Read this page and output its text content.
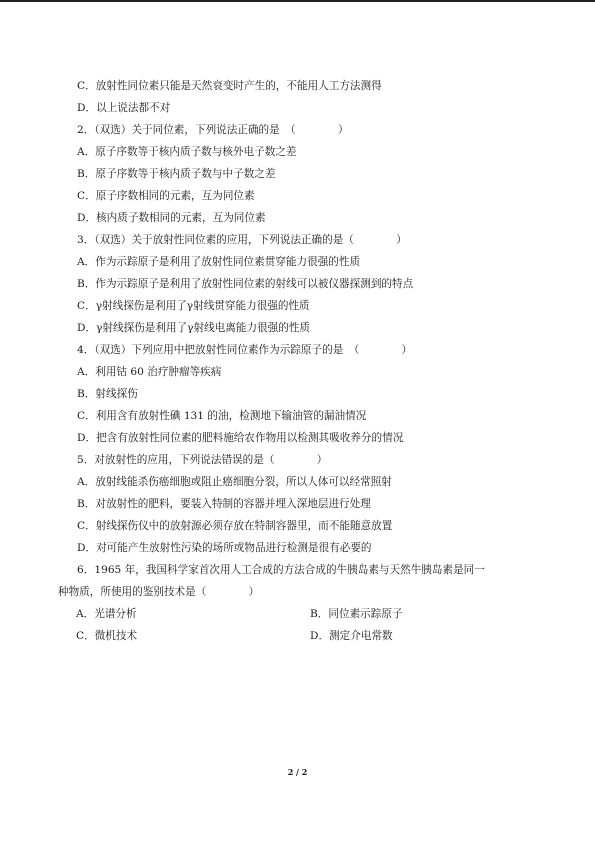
C．放射性同位素只能是天然衰变时产生的，不能用人工方法测得
D．以上说法都不对
2．（双选）关于同位素，下列说法正确的是　（　　　　）
A．原子序数等于核内质子数与核外电子数之差
B．原子序数等于核内质子数与中子数之差
C．原子序数相同的元素，互为同位素
D．核内质子数相同的元素，互为同位素
3．（双选）关于放射性同位素的应用，下列说法正确的是（　　　　）
A．作为示踪原子是利用了放射性同位素贯穿能力很强的性质
B．作为示踪原子是利用了放射性同位素的射线可以被仪器探测到的特点
C．γ射线探伤是利用了γ射线贯穿能力很强的性质
D．γ射线探伤是利用了γ射线电离能力很强的性质
4．（双选）下列应用中把放射性同位素作为示踪原子的是　（　　　　）
A．利用钴 60 治疗肿瘤等疾病
B．射线探伤
C．利用含有放射性碘 131 的油，检测地下输油管的漏油情况
D．把含有放射性同位素的肥料施给农作物用以检测其吸收养分的情况
5．对放射性的应用，下列说法错误的是（　　　　）
A．放射线能杀伤癌细胞或阻止癌细胞分裂，所以人体可以经常照射
B．对放射性的肥料，要装入特制的容器并埋入深地层进行处理
C．射线探伤仪中的放射源必须存放在特制容器里，而不能随意放置
D．对可能产生放射性污染的场所或物品进行检测是很有必要的
6．1965 年，我国科学家首次用人工合成的方法合成的牛胰岛素与天然牛胰岛素是同一
种物质，所使用的鉴别技术是（　　　　）
A．光谱分析	B．同位素示踪原子
C．微机技术	D．测定介电常数
2 / 2
